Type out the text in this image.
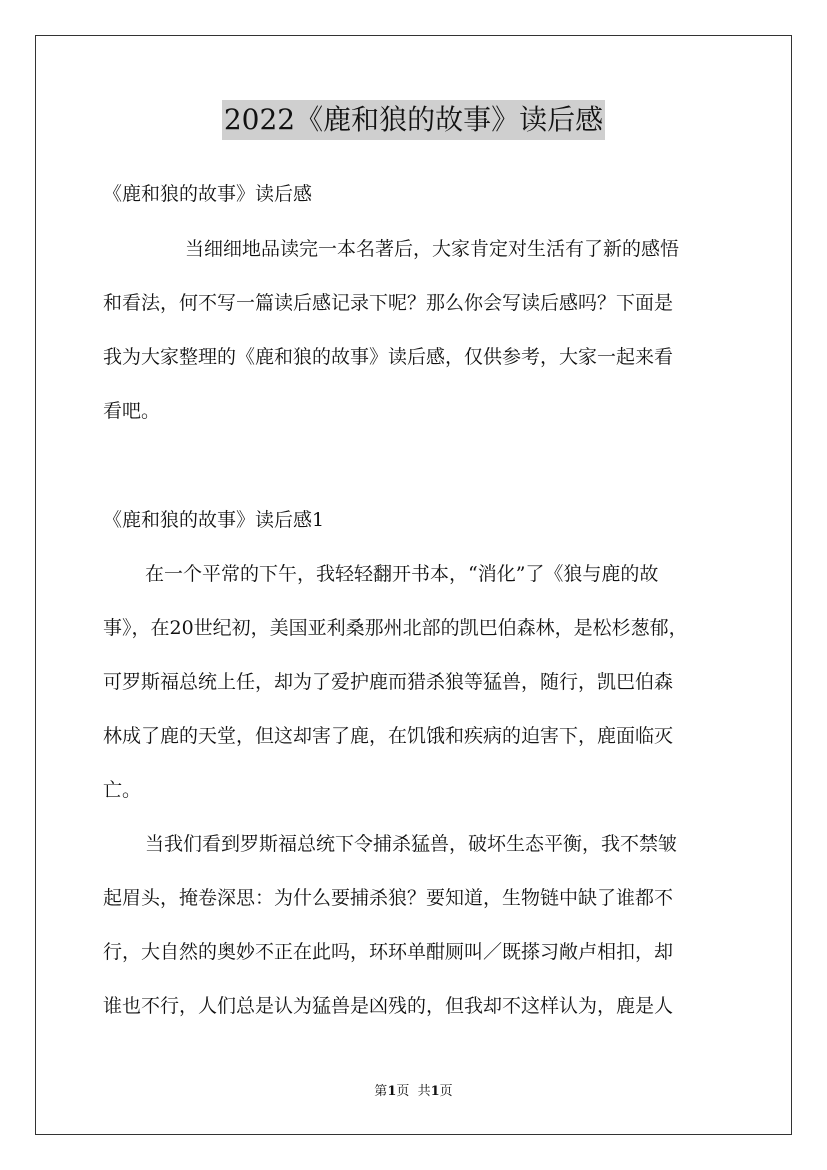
2022《鹿和狼的故事》读后感
《鹿和狼的故事》读后感
当细细地品读完一本名著后，大家肯定对生活有了新的感悟
和看法，何不写一篇读后感记录下呢？那么你会写读后感吗？下面是
我为大家整理的《鹿和狼的故事》读后感，仅供参考，大家一起来看
看吧。
《鹿和狼的故事》读后感1
在一个平常的下午，我轻轻翻开书本，“消化”了《狼与鹿的故
事》，在20世纪初，美国亚利桑那州北部的凯巴伯森林，是松杉葱郁，
可罗斯福总统上任，却为了爱护鹿而猎杀狼等猛兽，随行，凯巴伯森
林成了鹿的天堂，但这却害了鹿，在饥饿和疾病的迫害下，鹿面临灭
亡。
当我们看到罗斯福总统下令捕杀猛兽，破坏生态平衡，我不禁皱
起眉头，掩卷深思：为什么要捕杀狼？要知道，生物链中缺了谁都不
行，大自然的奥妙不正在此吗，环环单酣厕叫／既搽习敞卢相扣，却
谁也不行，人们总是认为猛兽是凶残的，但我却不这样认为，鹿是人
第1页  共1页
